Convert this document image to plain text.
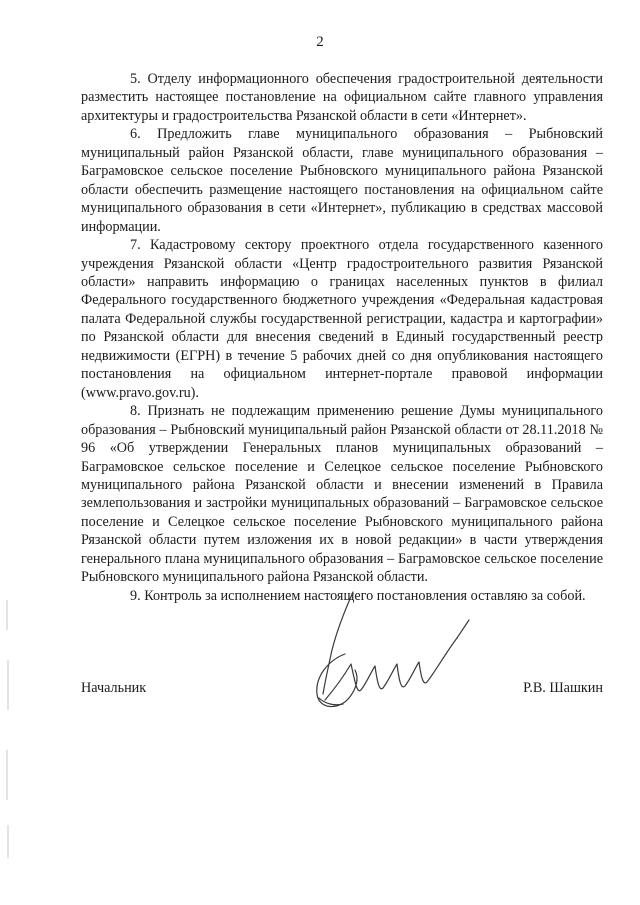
2

5. Отделу информационного обеспечения градостроительной деятельности разместить настоящее постановление на официальном сайте главного управления архитектуры и градостроительства Рязанской области в сети «Интернет».

6. Предложить главе муниципального образования – Рыбновский муниципальный район Рязанской области, главе муниципального образования – Баграмовское сельское поселение Рыбновского муниципального района Рязанской области обеспечить размещение настоящего постановления на официальном сайте муниципального образования в сети «Интернет», публикацию в средствах массовой информации.

7. Кадастровому сектору проектного отдела государственного казенного учреждения Рязанской области «Центр градостроительного развития Рязанской области» направить информацию о границах населенных пунктов в филиал Федерального государственного бюджетного учреждения «Федеральная кадастровая палата Федеральной службы государственной регистрации, кадастра и картографии» по Рязанской области для внесения сведений в Единый государственный реестр недвижимости (ЕГРН) в течение 5 рабочих дней со дня опубликования настоящего постановления на официальном интернет-портале правовой информации (www.pravo.gov.ru).

8. Признать не подлежащим применению решение Думы муниципального образования – Рыбновский муниципальный район Рязанской области от 28.11.2018 № 96 «Об утверждении Генеральных планов муниципальных образований – Баграмовское сельское поселение и Селецкое сельское поселение Рыбновского муниципального района Рязанской области и внесении изменений в Правила землепользования и застройки муниципальных образований – Баграмовское сельское поселение и Селецкое сельское поселение Рыбновского муниципального района Рязанской области путем изложения их в новой редакции» в части утверждения генерального плана муниципального образования – Баграмовское сельское поселение Рыбновского муниципального района Рязанской области.

9. Контроль за исполнением настоящего постановления оставляю за собой.

Начальник	Р.В. Шашкин
